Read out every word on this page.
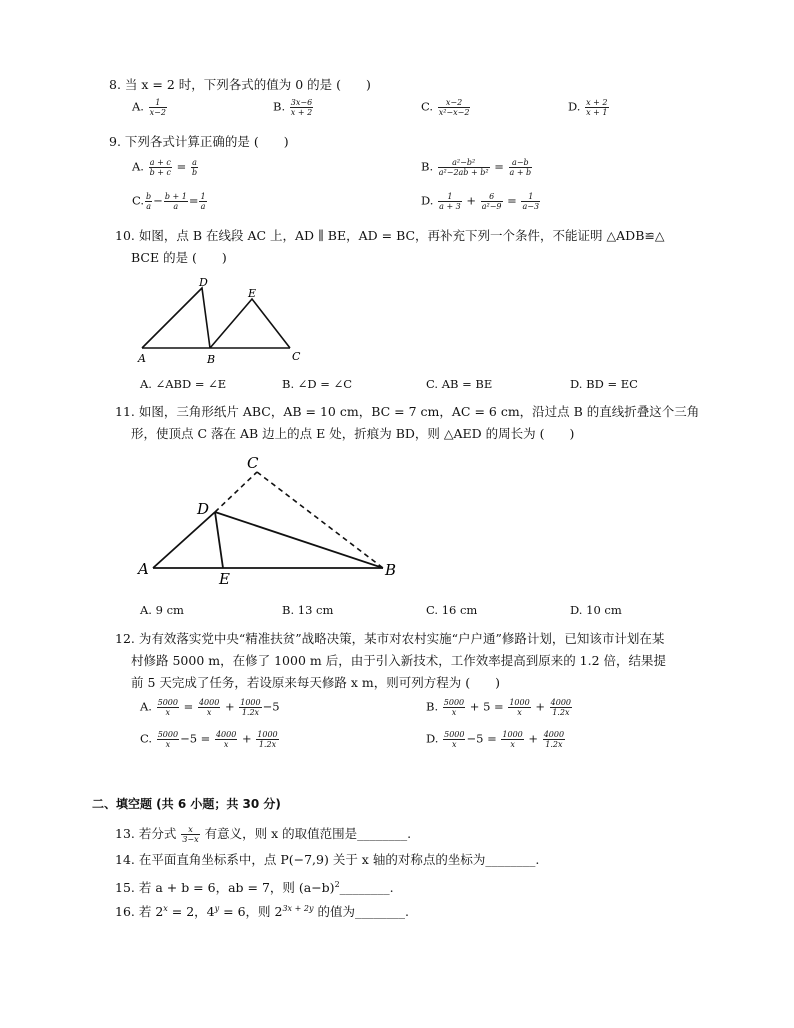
8. 当 x = 2 时，下列各式的值为 0 的是 (　　)
A. $\frac{1}{x-2}$	B. $\frac{3x-6}{x + 2}$	C. $\frac{x-2}{\text{x²−x−2}}$	D. $\frac{x + 2}{x + 1}$
9. 下列各式计算正确的是 (　　)
A. $\frac{a + c}{b + c} = \frac{a}{b}$	B. $\frac{\text{a²−b²}}{\text{a²−2ab + b²}} = \frac{a-b}{a + b}$
C. $\frac{b}{a} - \frac{b + 1}{a} = \frac{1}{a}$	D. $\frac{1}{a + 3} + \frac{6}{\text{a²−9}} = \frac{1}{a-3}$
10. 如图，点 B 在线段 AC 上，AD ∥ BE，AD = BC，再补充下列一个条件，不能证明 △ADB≌△
BCE 的是 (　　)
D
E
A	B	C
A. ∠ABD = ∠E	B. ∠D = ∠C	C. AB = BE	D. BD = EC
11. 如图，三角形纸片 ABC，AB = 10 cm，BC = 7 cm，AC = 6 cm，沿过点 B 的直线折叠这个三角
形，使顶点 C 落在 AB 边上的点 E 处，折痕为 BD，则 △AED 的周长为 (　　)
C
D
A
E	B
A. 9 cm	B. 13 cm	C. 16 cm	D. 10 cm
12. 为有效落实党中央“精准扶贫”战略决策，某市对农村实施“户户通”修路计划，已知该市计划在某
村修路 5000 m，在修了 1000 m 后，由于引入新技术，工作效率提高到原来的 1.2 倍，结果提
前 5 天完成了任务，若设原来每天修路 x m，则可列方程为 (　　)
A. $\frac{5000}{x} = \frac{4000}{x} + \frac{1000}{1.2x} -5$	B. $\frac{5000}{x} + 5 = \frac{1000}{x} + \frac{4000}{1.2x}$
C. $\frac{5000}{x} -5 = \frac{4000}{x} + \frac{1000}{1.2x}$	D. $\frac{5000}{x} -5 = \frac{1000}{x} + \frac{4000}{1.2x}$
二、填空题 (共 6 小题；共 30 分)
13. 若分式 $\frac{x}{3-x}$ 有意义，则 x 的取值范围是________.
14. 在平面直角坐标系中，点 P(−7,9) 关于 x 轴的对称点的坐标为________.
15. 若 a + b = 6，ab = 7，则 $(a-b)^2\_\_\_\_\_\_\_\_$.
16. 若 $2^x = 2$，$4^y = 6$，则 $2^{3x + 2y}$ 的值为________.
